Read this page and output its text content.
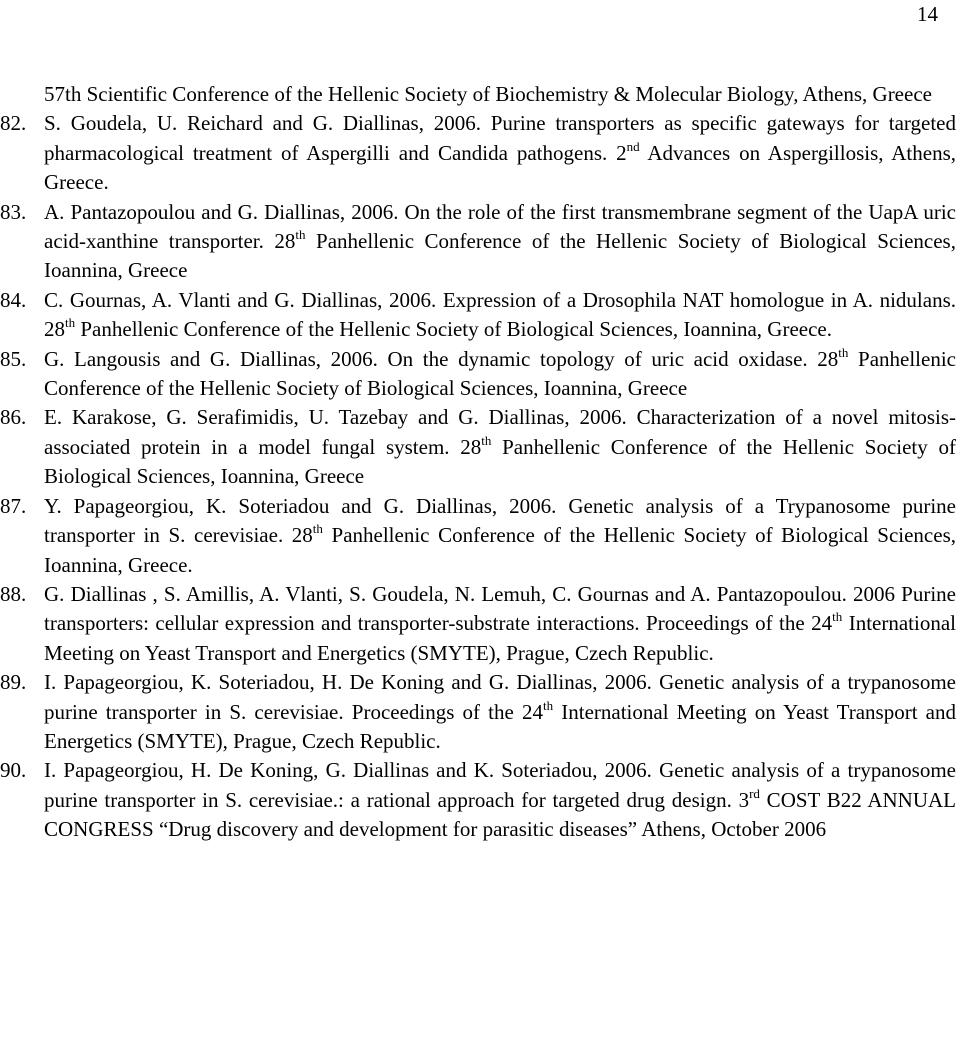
14
57th Scientific Conference of the Hellenic Society of Biochemistry & Molecular Biology, Athens, Greece
82. S. Goudela, U. Reichard and G. Diallinas, 2006. Purine transporters as specific gateways for targeted pharmacological treatment of Aspergilli and Candida pathogens. 2nd Advances on Aspergillosis, Athens, Greece.
83. A. Pantazopoulou and G. Diallinas, 2006. On the role of the first transmembrane segment of the UapA uric acid-xanthine transporter. 28th Panhellenic Conference of the Hellenic Society of Biological Sciences, Ioannina, Greece
84. C. Gournas, A. Vlanti and G. Diallinas, 2006. Expression of a Drosophila NAT homologue in A. nidulans. 28th Panhellenic Conference of the Hellenic Society of Biological Sciences, Ioannina, Greece.
85. G. Langousis and G. Diallinas, 2006. On the dynamic topology of uric acid oxidase. 28th Panhellenic Conference of the Hellenic Society of Biological Sciences, Ioannina, Greece
86. E. Karakose, G. Serafimidis, U. Tazebay and G. Diallinas, 2006. Characterization of a novel mitosis-associated protein in a model fungal system. 28th Panhellenic Conference of the Hellenic Society of Biological Sciences, Ioannina, Greece
87. Y. Papageorgiou, K. Soteriadou and G. Diallinas, 2006. Genetic analysis of a Trypanosome purine transporter in S. cerevisiae. 28th Panhellenic Conference of the Hellenic Society of Biological Sciences, Ioannina, Greece.
88. G. Diallinas , S. Amillis, A. Vlanti, S. Goudela, N. Lemuh, C. Gournas and A. Pantazopoulou. 2006 Purine transporters: cellular expression and transporter-substrate interactions. Proceedings of the 24th International Meeting on Yeast Transport and Energetics (SMYTE), Prague, Czech Republic.
89. I. Papageorgiou, K. Soteriadou, H. De Koning and G. Diallinas, 2006. Genetic analysis of a trypanosome purine transporter in S. cerevisiae. Proceedings of the 24th International Meeting on Yeast Transport and Energetics (SMYTE), Prague, Czech Republic.
90. I. Papageorgiou, H. De Koning, G. Diallinas and K. Soteriadou, 2006. Genetic analysis of a trypanosome purine transporter in S. cerevisiae.: a rational approach for targeted drug design. 3rd COST B22 ANNUAL CONGRESS “Drug discovery and development for parasitic diseases” Athens, October 2006
